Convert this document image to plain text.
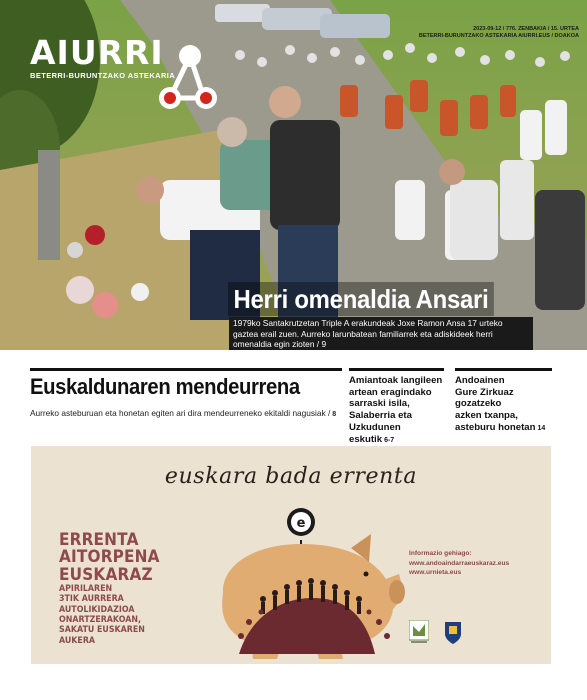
AIURRI
BETERRI-BURUNTZAKO ASTEKARIA
2023-09-12 / 776. ZENBAKIA / 15. URTEA
BETERRI-BURUNTZAKO ASTEKARIA AIURRI.EUS / DOAKOA
Herri omenaldia Ansari
1979ko Santakrutzetan Triple A erakundeak Joxe Ramon Ansa 17 urteko gaztea erail zuen. Aurreko larunbatean familiarrek eta adiskideek herri omenaldia egin zioten / 9
Euskaldunaren mendeurrena
Aurreko asteburuan eta honetan egiten ari dira mendeurreneko ekitaldi nagusiak / 8
Amiantoak langileen
artean eragindako
sarraski isila,
Salaberria eta
Uzkudunen eskutik 6-7
Andoainen
Gure Zirkuaz
gozatzeko
azken txanpa,
asteburu honetan 14
euskara bada errenta
ERRENTA
AITORPENA
EUSKARAZ
APIRILAREN
3TIK AURRERA
AUTOLIKIDAZIOA
ONARTZERAKOAN,
SAKATU EUSKAREN
AUKERA
e
Informazio gehiago:
www.andoaindarraeuskaraz.eus
www.urnieta.eus
